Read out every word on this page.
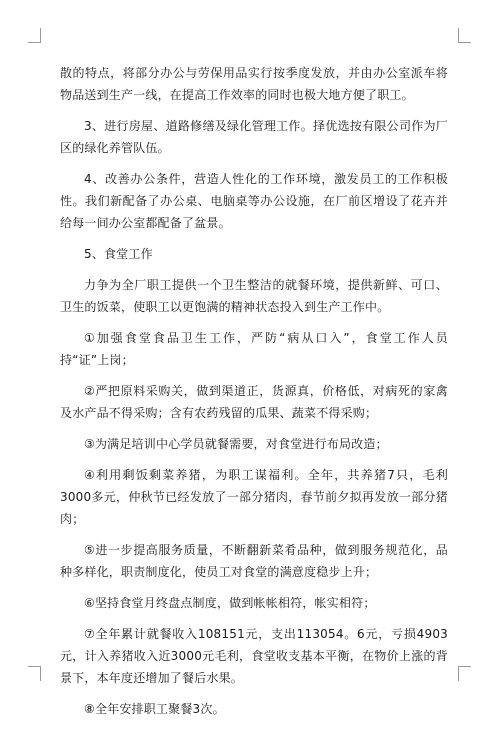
散的特点，将部分办公与劳保用品实行按季度发放，并由办公室派车将物品送到生产一线，在提高工作效率的同时也极大地方便了职工。

3、进行房屋、道路修缮及绿化管理工作。择优选按有限公司作为厂区的绿化养管队伍。

4、改善办公条件，营造人性化的工作环境，激发员工的工作积极性。我们新配备了办公桌、电脑桌等办公设施，在厂前区增设了花卉并给每一间办公室都配备了盆景。

5、食堂工作

力争为全厂职工提供一个卫生整洁的就餐环境，提供新鲜、可口、卫生的饭菜，使职工以更饱满的精神状态投入到生产工作中。

①加强食堂食品卫生工作，严防“病从口入”，食堂工作人员持“证”上岗；

②严把原料采购关，做到渠道正，货源真，价格低，对病死的家禽及水产品不得采购；含有农药残留的瓜果、蔬菜不得采购；

③为满足培训中心学员就餐需要，对食堂进行布局改造；

④利用剩饭剩菜养猪，为职工谋福利。全年，共养猪7只，毛利3000多元，仲秋节已经发放了一部分猪肉，春节前夕拟再发放一部分猪肉；

⑤进一步提高服务质量，不断翻新菜肴品种，做到服务规范化，品种多样化，职责制度化，使员工对食堂的满意度稳步上升；

⑥坚持食堂月终盘点制度，做到帐帐相符，帐实相符；

⑦全年累计就餐收入108151元，支出113054。6元，亏损4903元，计入养猪收入近3000元毛利，食堂收支基本平衡，在物价上涨的背景下，本年度还增加了餐后水果。

⑧全年安排职工聚餐3次。
